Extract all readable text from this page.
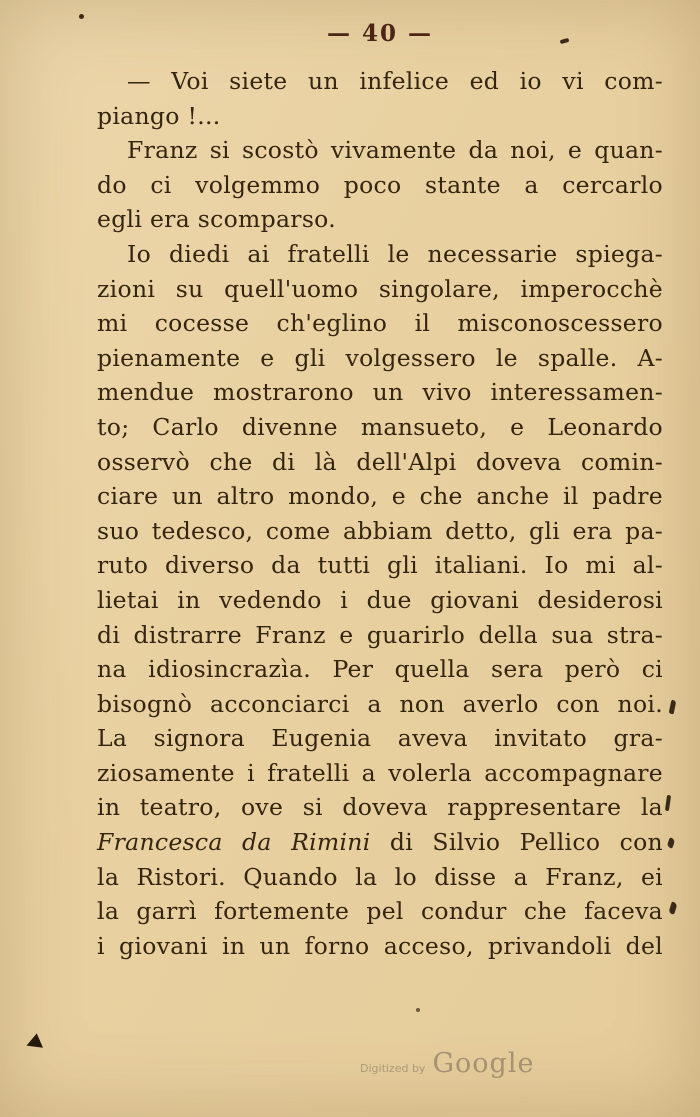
— 40 —
— Voi siete un infelice ed io vi com-
piango !...
Franz si scostò vivamente da noi, e quan-
do ci volgemmo poco stante a cercarlo
egli era scomparso.
Io diedi ai fratelli le necessarie spiega-
zioni su quell'uomo singolare, imperocchè
mi cocesse ch'eglino il misconoscessero
pienamente e gli volgessero le spalle. A-
mendue mostrarono un vivo interessamen-
to; Carlo divenne mansueto, e Leonardo
osservò che di là dell'Alpi doveva comin-
ciare un altro mondo, e che anche il padre
suo tedesco, come abbiam detto, gli era pa-
ruto diverso da tutti gli italiani. Io mi al-
lietai in vedendo i due giovani desiderosi
di distrarre Franz e guarirlo della sua stra-
na idiosincrazìa. Per quella sera però ci
bisognò acconciarci a non averlo con noi.
La signora Eugenia aveva invitato gra-
ziosamente i fratelli a volerla accompagnare
in teatro, ove si doveva rappresentare la
Francesca da Rimini di Silvio Pellico con
la Ristori. Quando la lo disse a Franz, ei
la garrì fortemente pel condur che faceva
i giovani in un forno acceso, privandoli del
Digitized by Google
